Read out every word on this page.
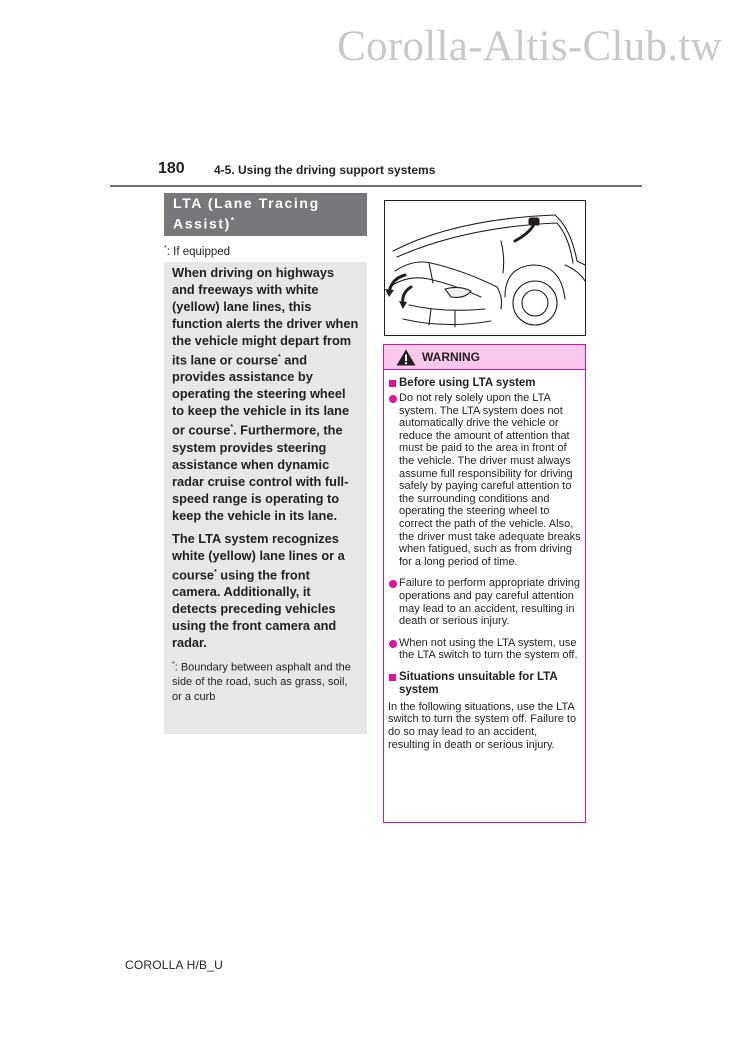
Corolla-Altis-Club.tw
180 4-5. Using the driving support systems
LTA (Lane Tracing
Assist)*
*: If equipped

When driving on highways and freeways with white (yellow) lane lines, this function alerts the driver when the vehicle might depart from its lane or course* and provides assistance by operating the steering wheel to keep the vehicle in its lane or course*. Furthermore, the system provides steering assistance when dynamic radar cruise control with full-speed range is operating to keep the vehicle in its lane.

The LTA system recognizes white (yellow) lane lines or a course* using the front camera. Additionally, it detects preceding vehicles using the front camera and radar.

*: Boundary between asphalt and the side of the road, such as grass, soil, or a curb
WARNING
Before using LTA system
Do not rely solely upon the LTA system. The LTA system does not automatically drive the vehicle or reduce the amount of attention that must be paid to the area in front of the vehicle. The driver must always assume full responsibility for driving safely by paying careful attention to the surrounding conditions and operating the steering wheel to correct the path of the vehicle. Also, the driver must take adequate breaks when fatigued, such as from driving for a long period of time.
Failure to perform appropriate driving operations and pay careful attention may lead to an accident, resulting in death or serious injury.
When not using the LTA system, use the LTA switch to turn the system off.
Situations unsuitable for LTA system

In the following situations, use the LTA switch to turn the system off. Failure to do so may lead to an accident, resulting in death or serious injury.

COROLLA H/B_U
